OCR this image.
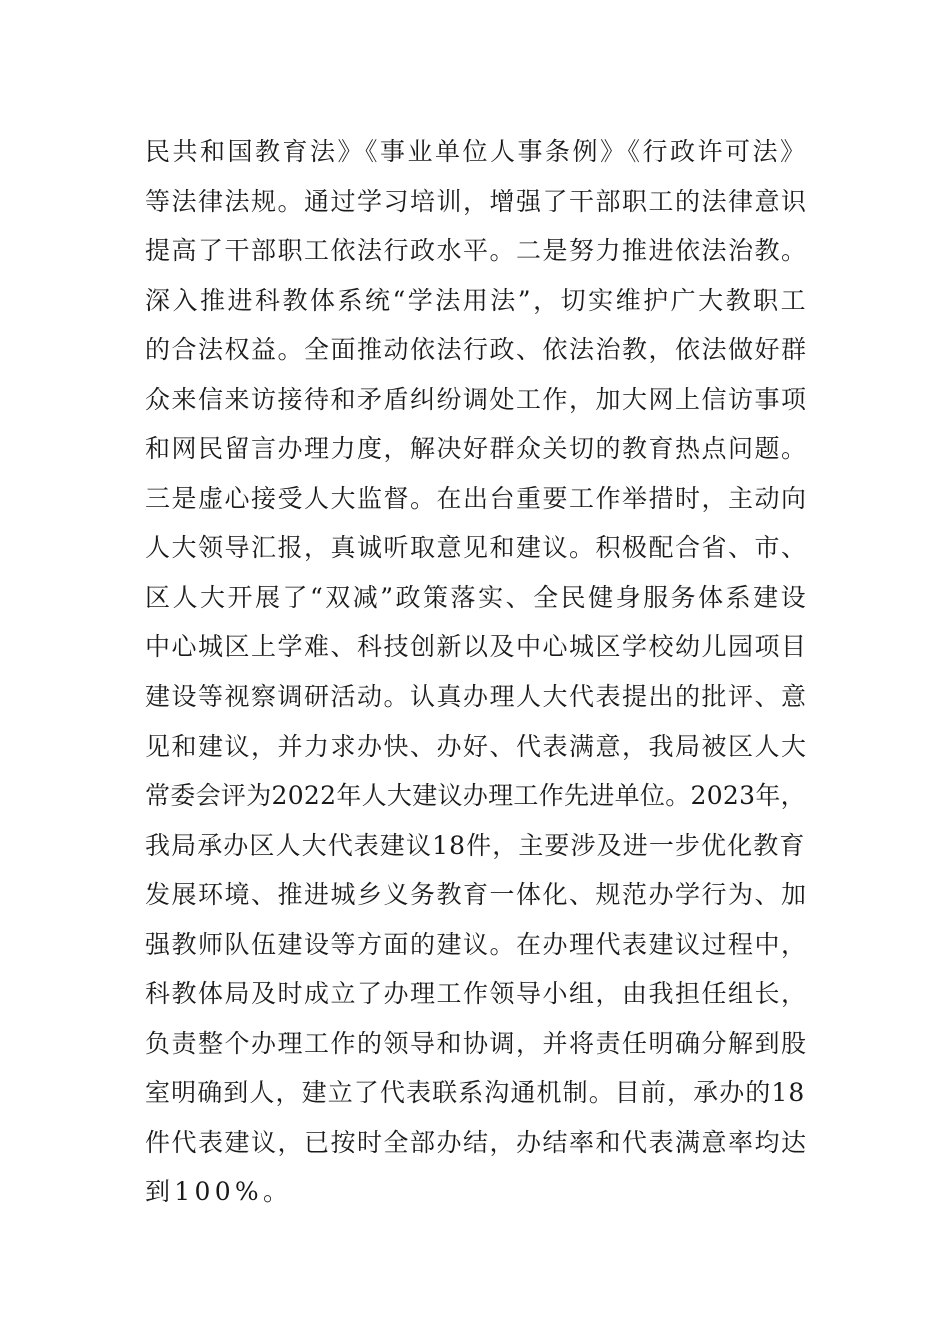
民共和国教育法》《事业单位人事条例》《行政许可法》
等法律法规。通过学习培训，增强了干部职工的法律意识
提高了干部职工依法行政水平。二是努力推进依法治教。
深入推进科教体系统“学法用法”，切实维护广大教职工
的合法权益。全面推动依法行政、依法治教，依法做好群
众来信来访接待和矛盾纠纷调处工作，加大网上信访事项
和网民留言办理力度，解决好群众关切的教育热点问题。
三是虚心接受人大监督。在出台重要工作举措时，主动向
人大领导汇报，真诚听取意见和建议。积极配合省、市、
区人大开展了“双减”政策落实、全民健身服务体系建设
中心城区上学难、科技创新以及中心城区学校幼儿园项目
建设等视察调研活动。认真办理人大代表提出的批评、意
见和建议，并力求办快、办好、代表满意，我局被区人大
常委会评为2022年人大建议办理工作先进单位。2023年，
我局承办区人大代表建议18件，主要涉及进一步优化教育
发展环境、推进城乡义务教育一体化、规范办学行为、加
强教师队伍建设等方面的建议。在办理代表建议过程中，
科教体局及时成立了办理工作领导小组，由我担任组长，
负责整个办理工作的领导和协调，并将责任明确分解到股
室明确到人，建立了代表联系沟通机制。目前，承办的18
件代表建议，已按时全部办结，办结率和代表满意率均达
到100%。
